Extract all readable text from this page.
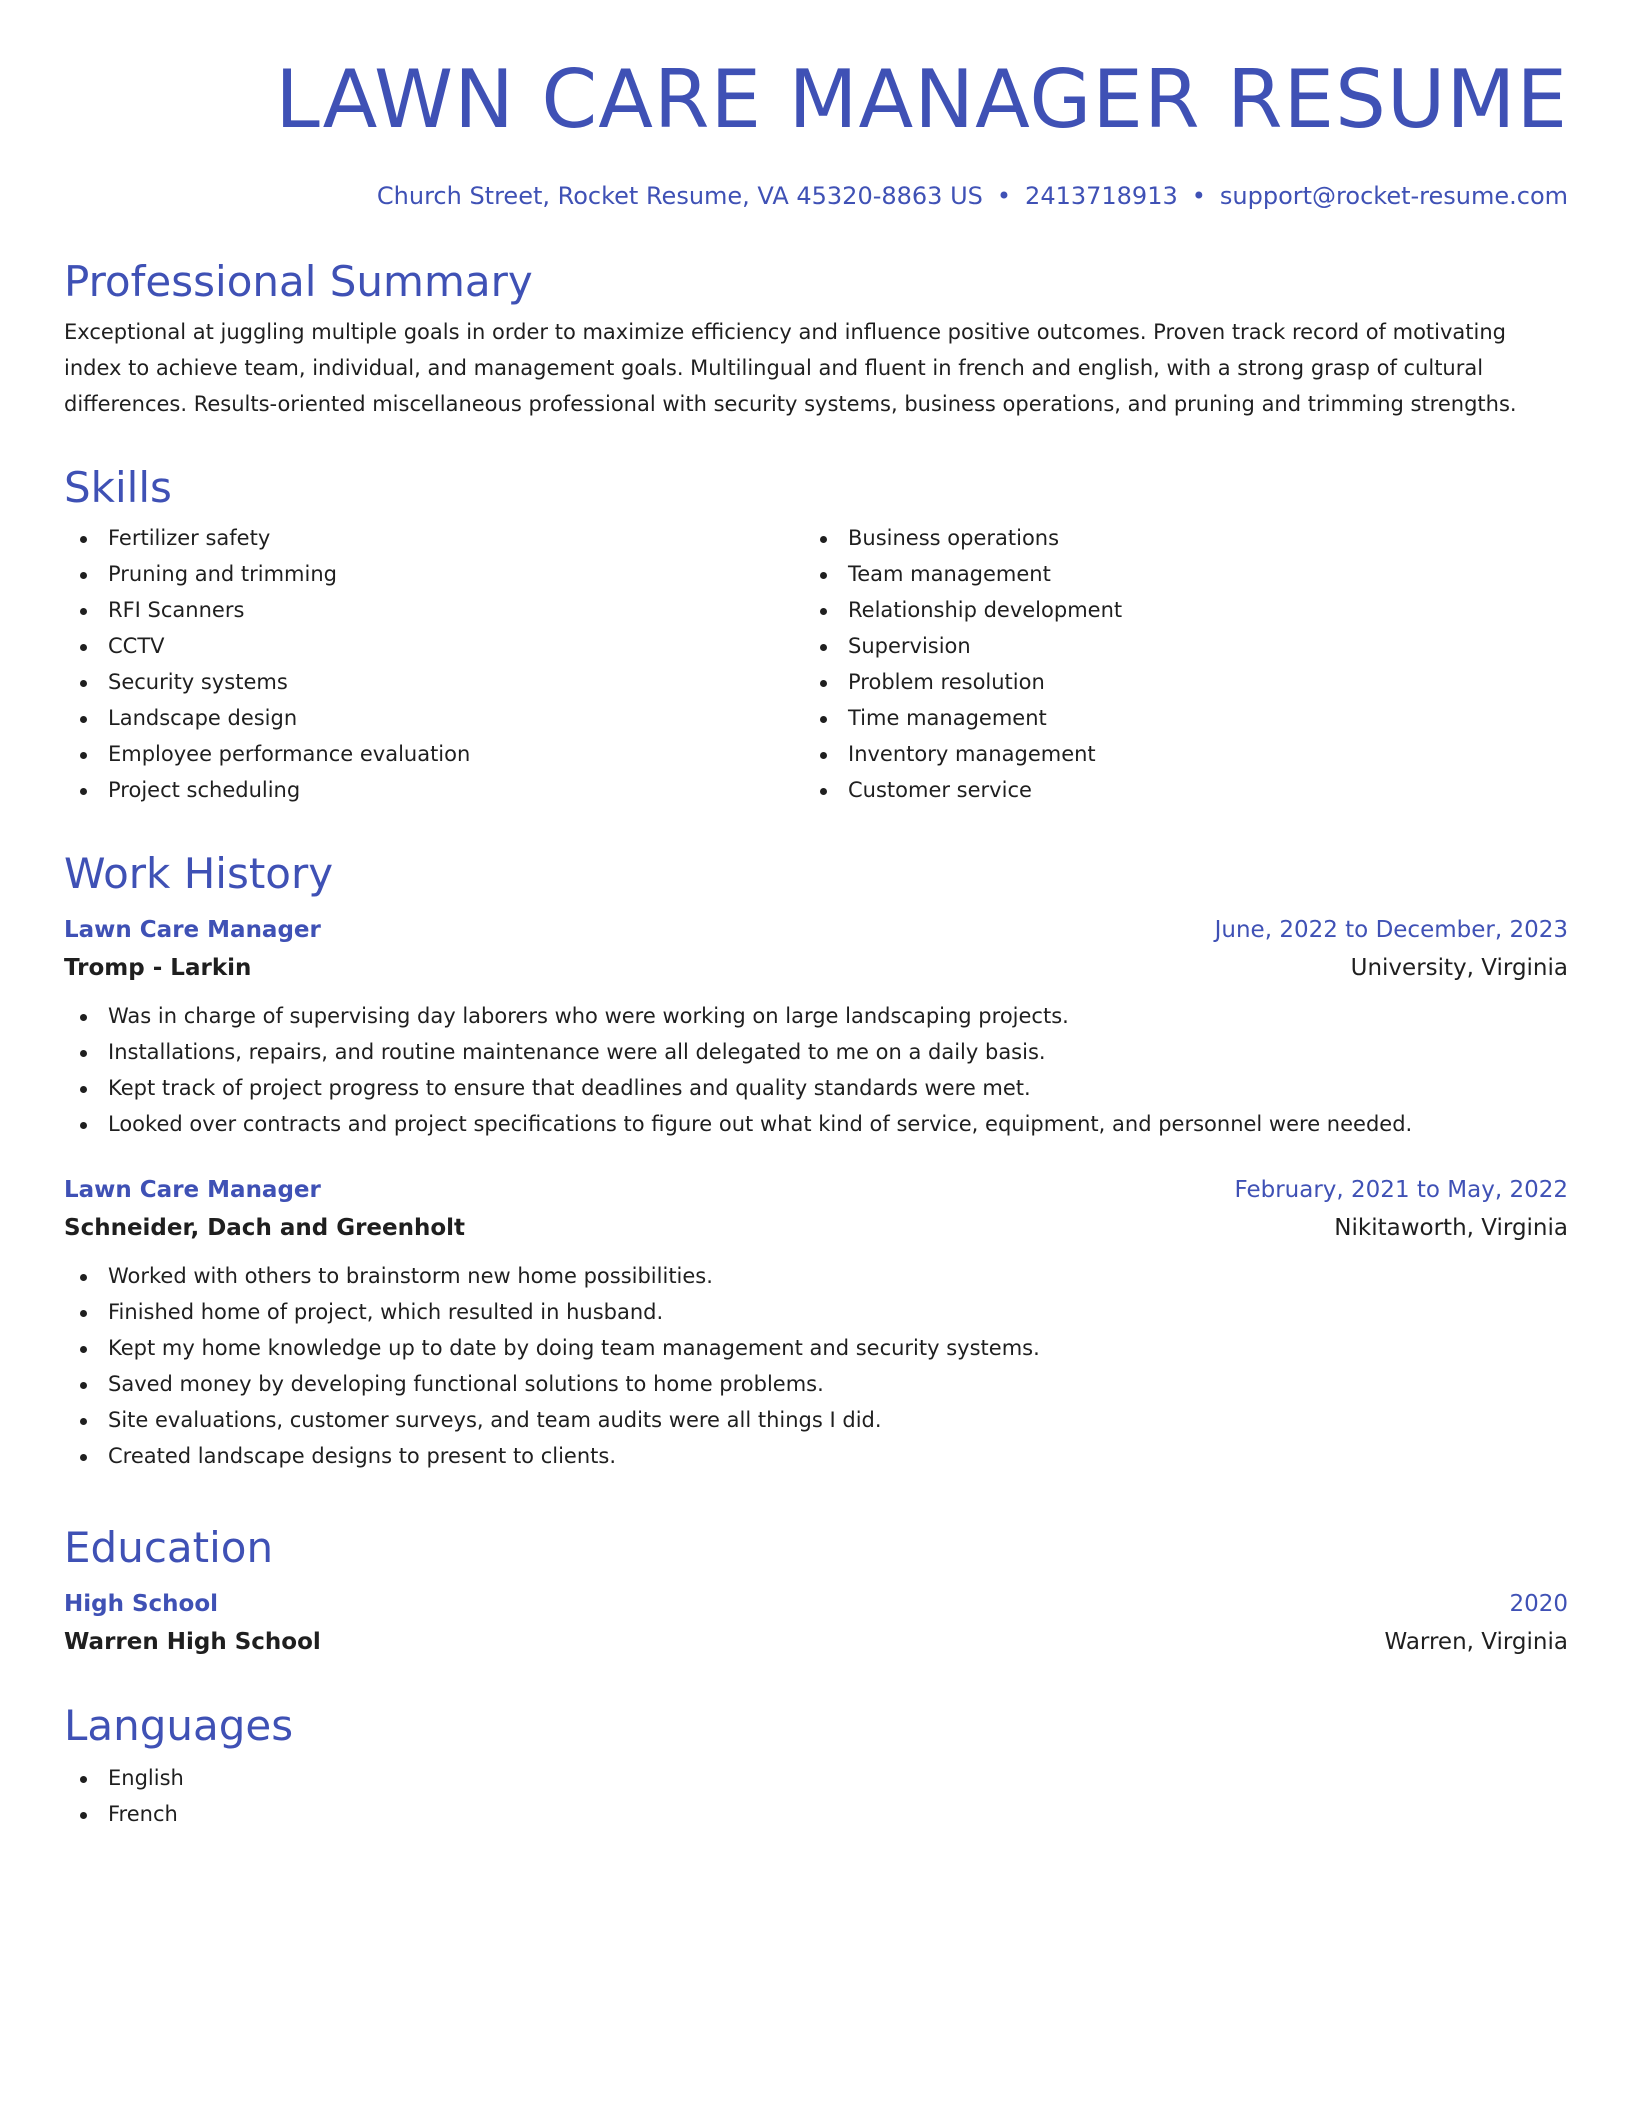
LAWN CARE MANAGER RESUME
Church Street, Rocket Resume, VA 45320-8863 US • 2413718913 • support@rocket-resume.com
Professional Summary
Exceptional at juggling multiple goals in order to maximize efficiency and influence positive outcomes. Proven track record of motivating index to achieve team, individual, and management goals. Multilingual and fluent in french and english, with a strong grasp of cultural differences. Results-oriented miscellaneous professional with security systems, business operations, and pruning and trimming strengths.
Skills
Fertilizer safety
Pruning and trimming
RFI Scanners
CCTV
Security systems
Landscape design
Employee performance evaluation
Project scheduling
Business operations
Team management
Relationship development
Supervision
Problem resolution
Time management
Inventory management
Customer service
Work History
Lawn Care Manager	June, 2022 to December, 2023
Tromp - Larkin	University, Virginia
Was in charge of supervising day laborers who were working on large landscaping projects.
Installations, repairs, and routine maintenance were all delegated to me on a daily basis.
Kept track of project progress to ensure that deadlines and quality standards were met.
Looked over contracts and project specifications to figure out what kind of service, equipment, and personnel were needed.
Lawn Care Manager	February, 2021 to May, 2022
Schneider, Dach and Greenholt	Nikitaworth, Virginia
Worked with others to brainstorm new home possibilities.
Finished home of project, which resulted in husband.
Kept my home knowledge up to date by doing team management and security systems.
Saved money by developing functional solutions to home problems.
Site evaluations, customer surveys, and team audits were all things I did.
Created landscape designs to present to clients.
Education
High School	2020
Warren High School	Warren, Virginia
Languages
English
French
